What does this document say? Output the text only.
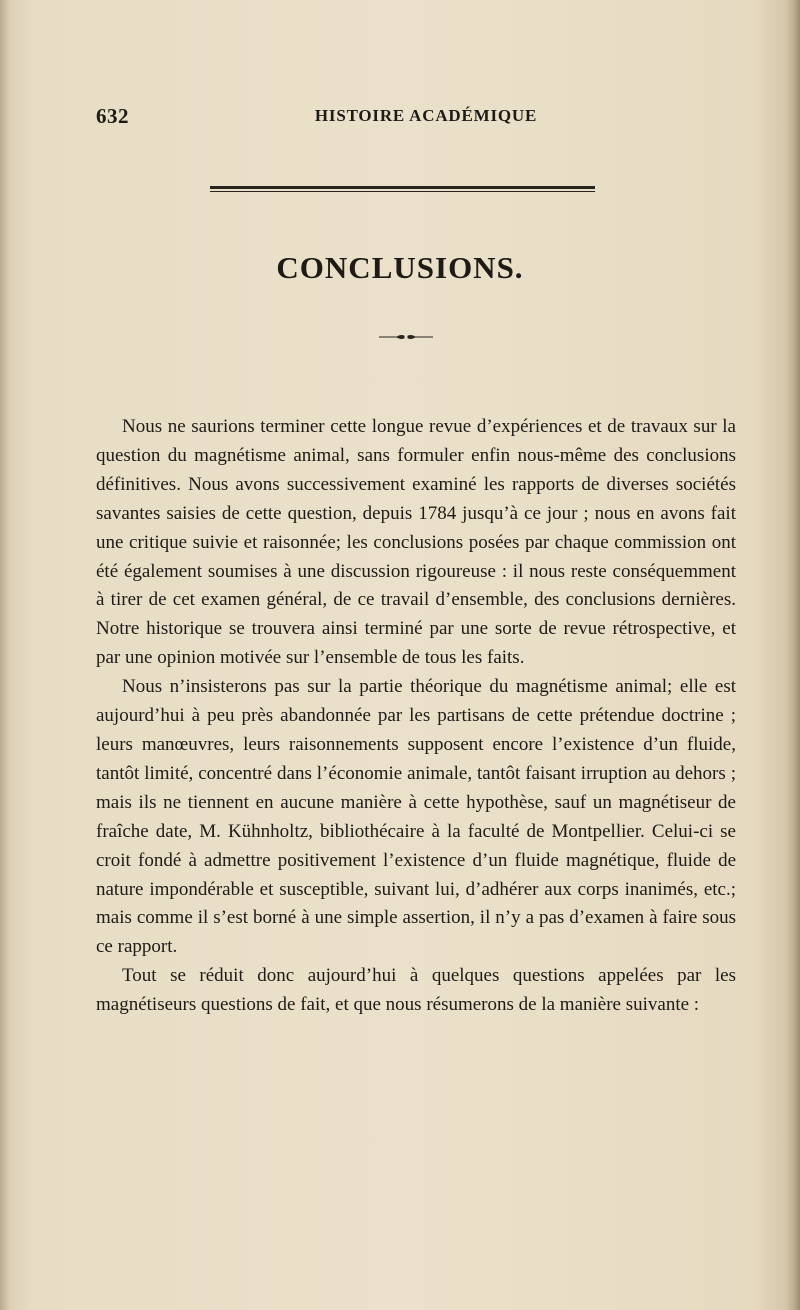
632	HISTOIRE ACADÉMIQUE
CONCLUSIONS.

Nous ne saurions terminer cette longue revue d’expériences et de travaux sur la question du magnétisme animal, sans formuler enfin nous-même des conclusions définitives. Nous avons successivement examiné les rapports de diverses sociétés savantes saisies de cette question, depuis 1784 jusqu’à ce jour ; nous en avons fait une critique suivie et raisonnée; les conclusions posées par chaque commission ont été également soumises à une discussion rigoureuse : il nous reste conséquemment à tirer de cet examen général, de ce travail d’ensemble, des conclusions dernières. Notre historique se trouvera ainsi terminé par une sorte de revue rétrospective, et par une opinion motivée sur l’ensemble de tous les faits.

Nous n’insisterons pas sur la partie théorique du magnétisme animal; elle est aujourd’hui à peu près abandonnée par les partisans de cette prétendue doctrine ; leurs manœuvres, leurs raisonnements supposent encore l’existence d’un fluide, tantôt limité, concentré dans l’économie animale, tantôt faisant irruption au dehors ; mais ils ne tiennent en aucune manière à cette hypothèse, sauf un magnétiseur de fraîche date, M. Kühnholtz, bibliothécaire à la faculté de Montpellier. Celui-ci se croit fondé à admettre positivement l’existence d’un fluide magnétique, fluide de nature impondérable et susceptible, suivant lui, d’adhérer aux corps inanimés, etc.; mais comme il s’est borné à une simple assertion, il n’y a pas d’examen à faire sous ce rapport.

Tout se réduit donc aujourd’hui à quelques questions appelées par les magnétiseurs questions de fait, et que nous résumerons de la manière suivante :
